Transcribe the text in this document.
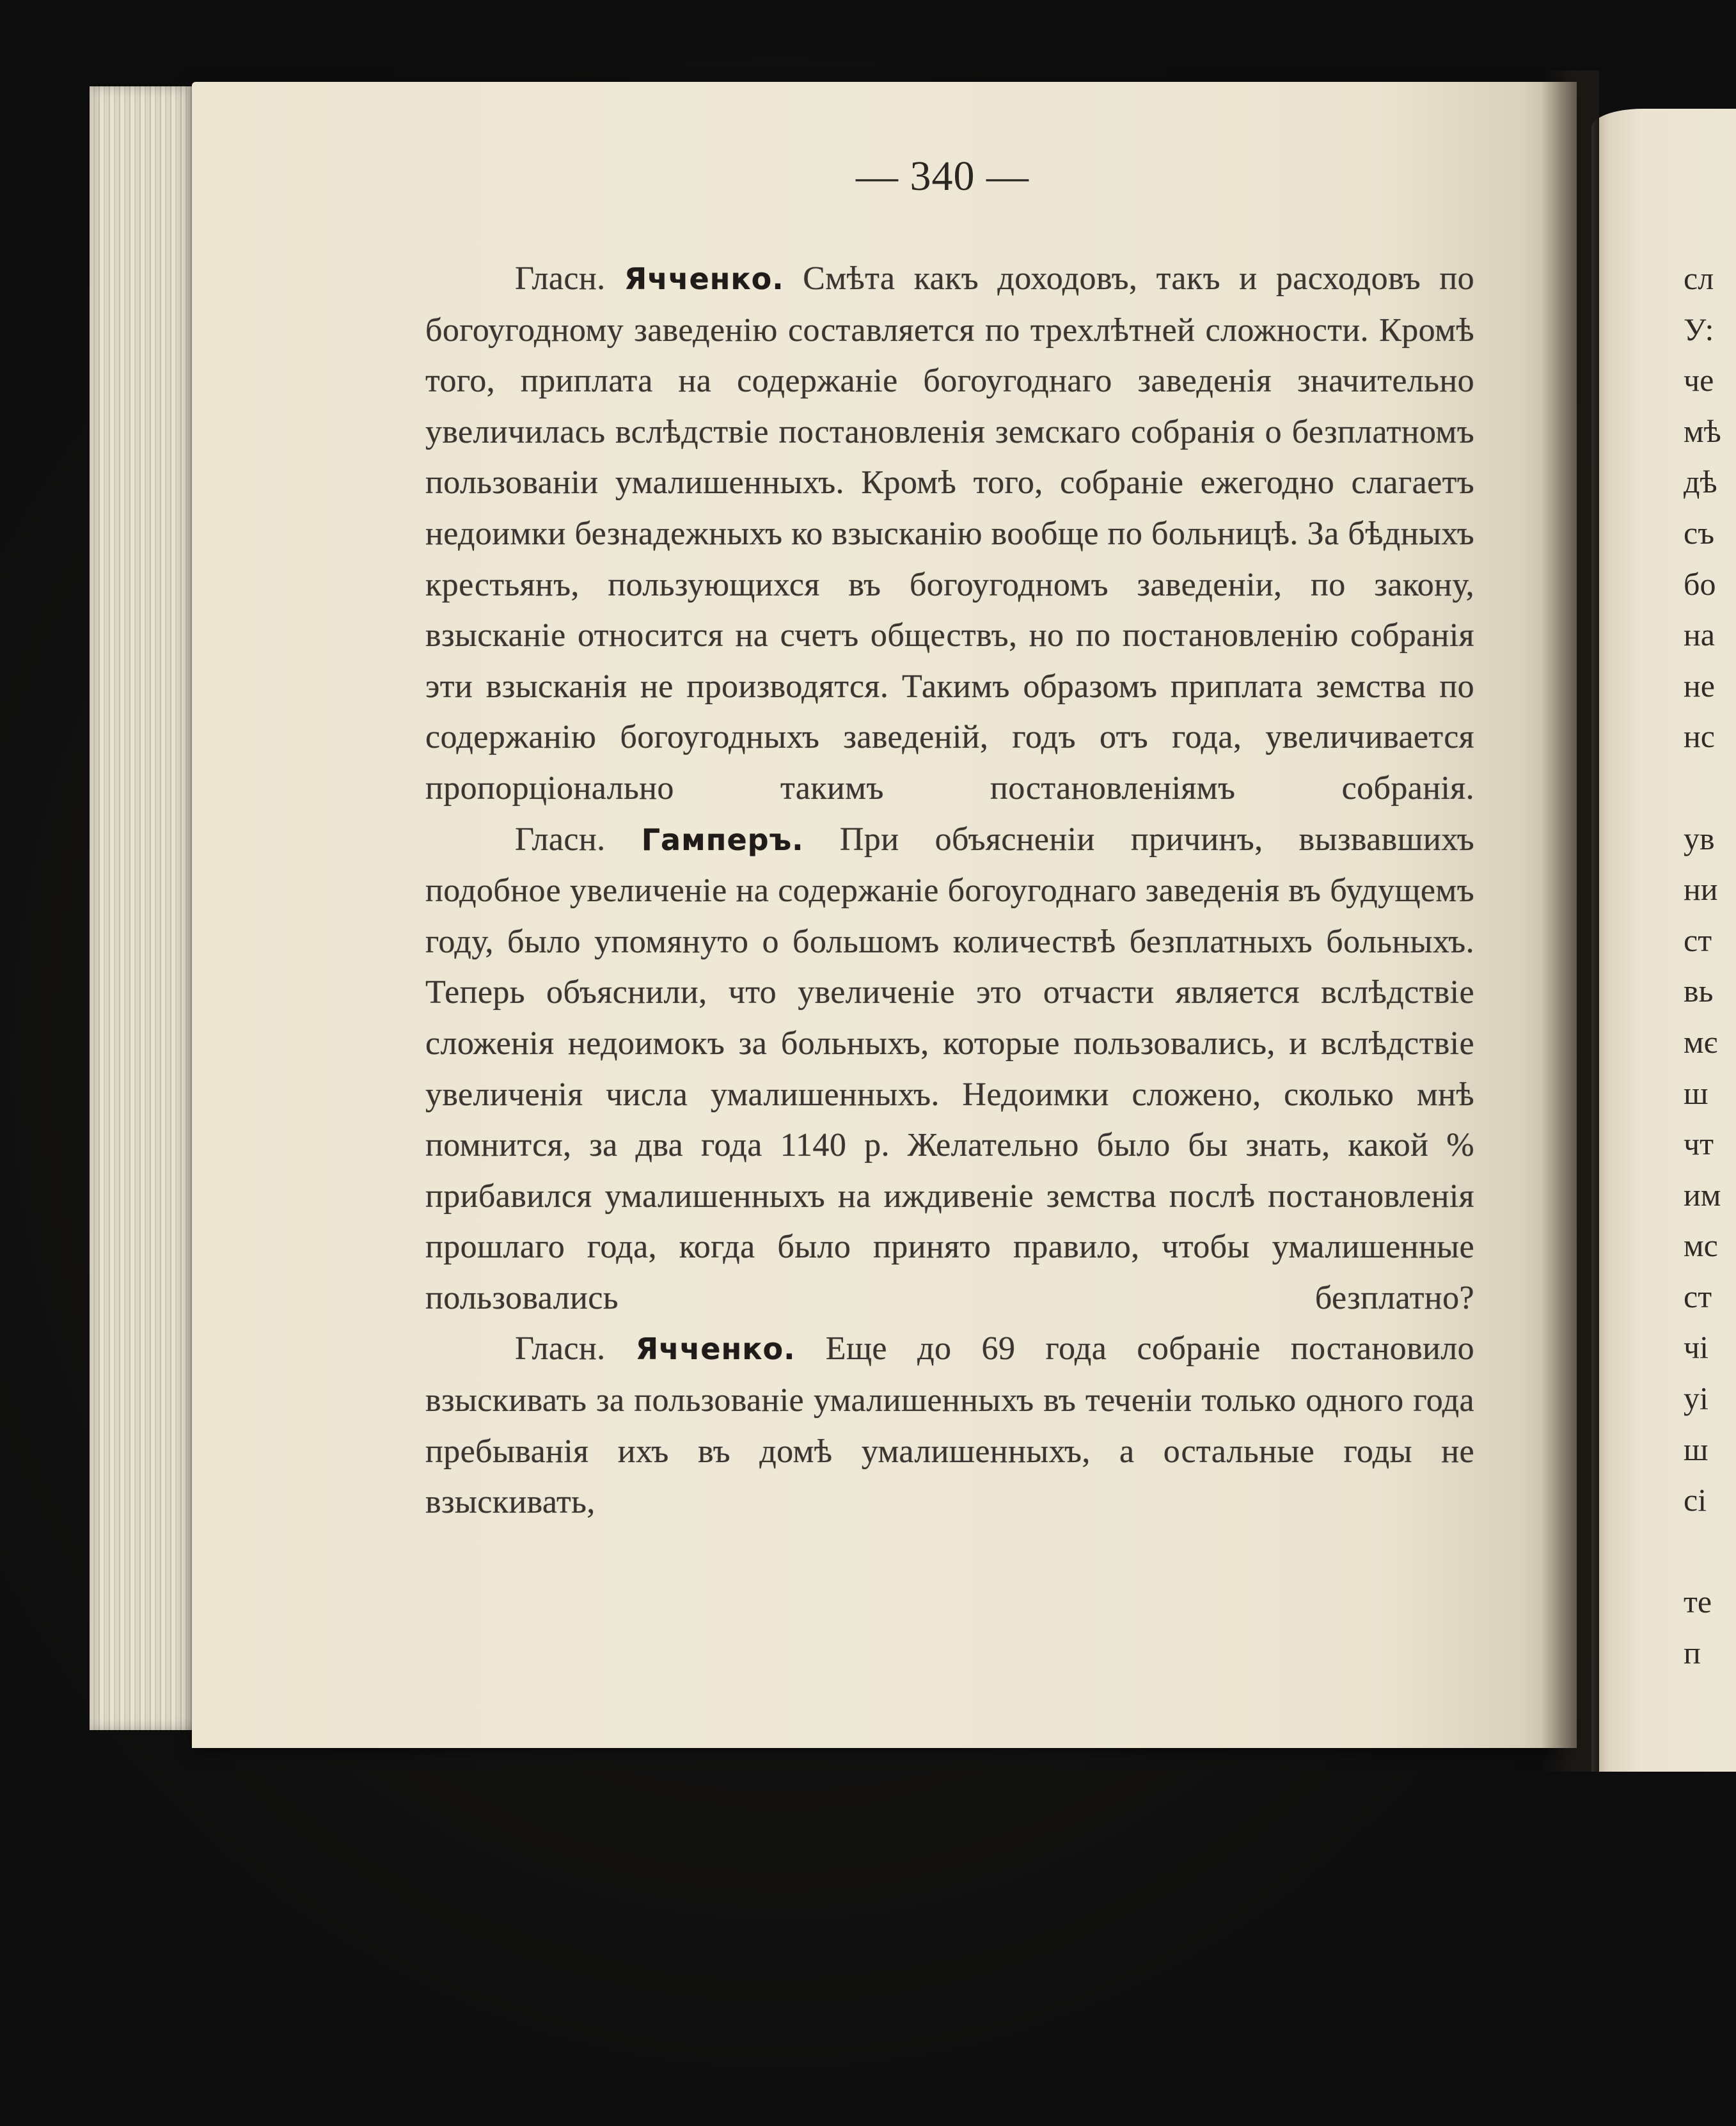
— 340 —

Гласн. Ячченко. Смѣта какъ доходовъ, такъ и расходовъ по богоугодному заведенію составляется по трехлѣтней сложности. Кромѣ того, приплата на содержаніе богоугоднаго заведенія значительно увеличилась вслѣдствіе постановленія земскаго собранія о безплатномъ пользованіи умалишенныхъ. Кромѣ того, собраніе ежегодно слагаетъ недоимки безнадежныхъ ко взысканію вообще по больницѣ. За бѣдныхъ крестьянъ, пользующихся въ богоугодномъ заведеніи, по закону, взысканіе относится на счетъ обществъ, но по постановленію собранія эти взысканія не производятся. Такимъ образомъ приплата земства по содержанію богоугодныхъ заведеній, годъ отъ года, увеличивается пропорціонально такимъ постановленіямъ собранія.

Гласн. Гамперъ. При объясненіи причинъ, вызвавшихъ подобное увеличеніе на содержаніе богоугоднаго заведенія въ будущемъ году, было упомянуто о большомъ количествѣ безплатныхъ больныхъ. Теперь объяснили, что увеличеніе это отчасти является вслѣдствіе сложенія недоимокъ за больныхъ, которые пользовались, и вслѣдствіе увеличенія числа умалишенныхъ. Недоимки сложено, сколько мнѣ помнится, за два года 1140 р. Желательно было бы знать, какой % прибавился умалишенныхъ на иждивеніе земства послѣ постановленія прошлаго года, когда было принято правило, чтобы умалишенные пользовались безплатно?

Гласн. Ячченко. Еще до 69 года собраніе постановило взыскивать за пользованіе умалишенныхъ въ теченіи только одного года пребыванія ихъ въ домѣ умалишенныхъ, а остальные годы не взыскивать,

сл
У:
че
мѣ
дѣ
съ
бо
на
не
нс
ув
ни
ст
вь
мє
ш
чт
им
мс
ст
чі
уі
ш
сі
те
п
